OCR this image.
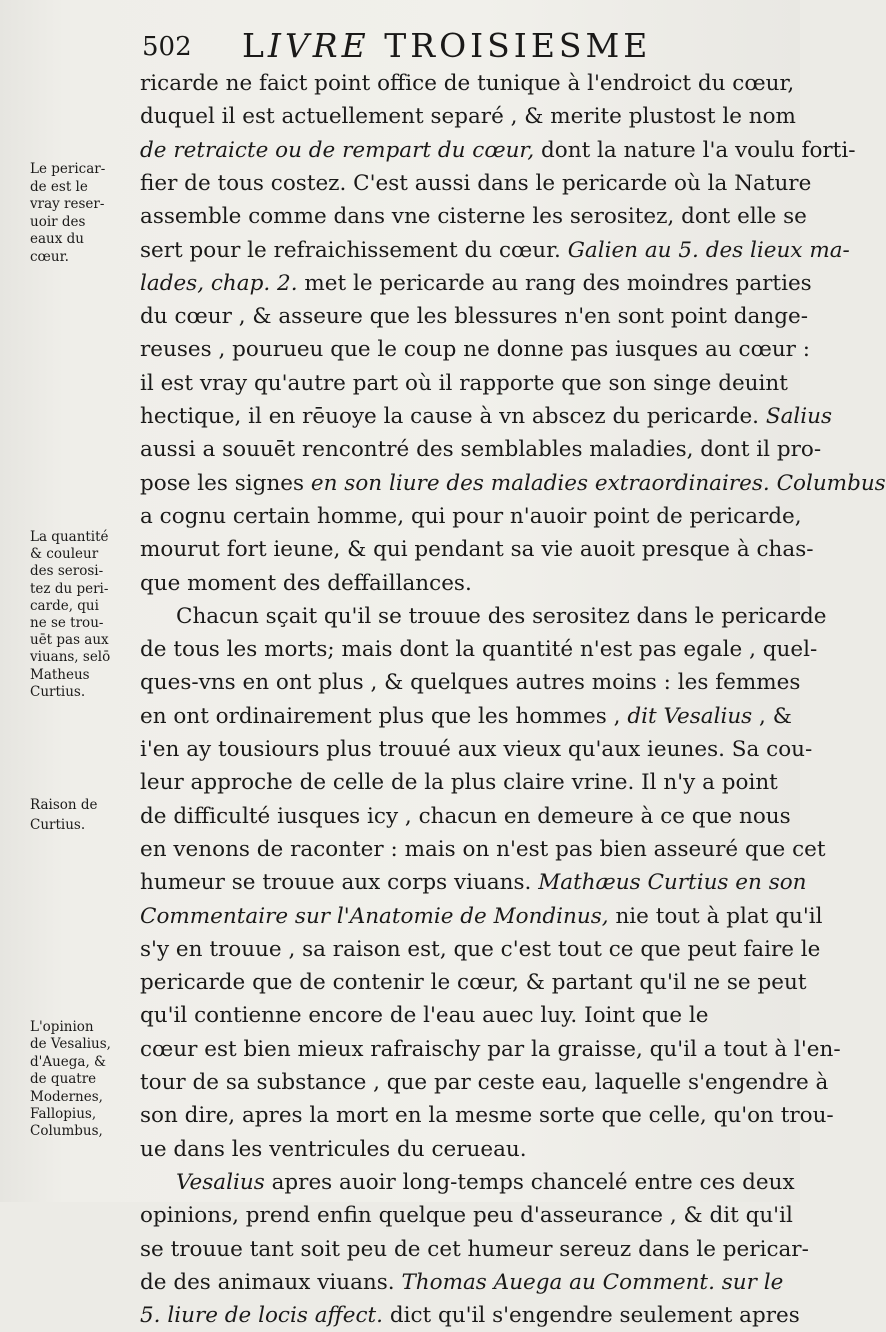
502 LIVRE TROISIESME
ricarde ne faict point office de tunique à l'endroict du cœur,
duquel il est actuellement separé , & merite plustost le nom
de retraicte ou de rempart du cœur, dont la nature l'a voulu forti-
fier de tous costez. C'est aussi dans le pericarde où la Nature
assemble comme dans vne cisterne les serositez, dont elle se
sert pour le refraichissement du cœur. Galien au 5. des lieux ma-
lades, chap. 2. met le pericarde au rang des moindres parties
du cœur , & asseure que les blessures n'en sont point dange-
reuses , pourueu que le coup ne donne pas iusques au cœur :
il est vray qu'autre part où il rapporte que son singe deuint
hectique, il en rēuoye la cause à vn abscez du pericarde. Salius
aussi a souuēt rencontré des semblables maladies, dont il pro-
pose les signes en son liure des maladies extraordinaires. Columbus
a cognu certain homme, qui pour n'auoir point de pericarde,
mourut fort ieune, & qui pendant sa vie auoit presque à chas-
que moment des deffaillances.
Chacun sçait qu'il se trouue des serositez dans le pericarde
de tous les morts; mais dont la quantité n'est pas egale , quel-
ques-vns en ont plus , & quelques autres moins : les femmes
en ont ordinairement plus que les hommes , dit Vesalius , &
i'en ay tousiours plus trouué aux vieux qu'aux ieunes. Sa cou-
leur approche de celle de la plus claire vrine. Il n'y a point
de difficulté iusques icy , chacun en demeure à ce que nous
en venons de raconter : mais on n'est pas bien asseuré que cet
humeur se trouue aux corps viuans. Mathæus Curtius en son
Commentaire sur l'Anatomie de Mondinus, nie tout à plat qu'il
s'y en trouue , sa raison est, que c'est tout ce que peut faire le
pericarde que de contenir le cœur, & partant qu'il ne se peut
qu'il contienne encore de l'eau auec luy. Ioint que le
cœur est bien mieux rafraischy par la graisse, qu'il a tout à l'en-
tour de sa substance , que par ceste eau, laquelle s'engendre à
son dire, apres la mort en la mesme sorte que celle, qu'on trou-
ue dans les ventricules du cerueau.
Vesalius apres auoir long-temps chancelé entre ces deux
opinions, prend enfin quelque peu d'asseurance , & dit qu'il
se trouue tant soit peu de cet humeur sereuz dans le pericar-
de des animaux viuans. Thomas Auega au Comment. sur le
5. liure de locis affect. dict qu'il s'engendre seulement apres
Le pericar-
de est le
vray reser-
uoir des
eaux du
cœur.
La quantité
& couleur
des serosi-
tez du peri-
carde, qui
ne se trou-
uēt pas aux
viuans, selō
Matheus
Curtius.
Raison de
Curtius.
L'opinion
de Vesalius,
d'Auega, &
de quatre
Modernes,
Fallopius,
Columbus,
